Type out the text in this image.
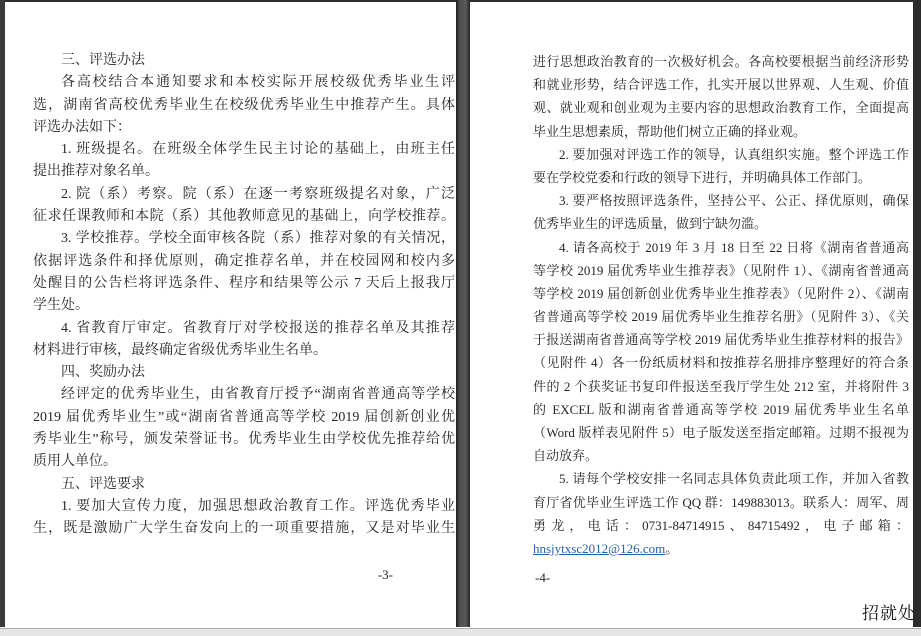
三、评选办法
各高校结合本通知要求和本校实际开展校级优秀毕业生评
选，湖南省高校优秀毕业生在校级优秀毕业生中推荐产生。具体
评选办法如下：
1. 班级提名。在班级全体学生民主讨论的基础上，由班主任
提出推荐对象名单。
2. 院（系）考察。院（系）在逐一考察班级提名对象，广泛
征求任课教师和本院（系）其他教师意见的基础上，向学校推荐。
3. 学校推荐。学校全面审核各院（系）推荐对象的有关情况，
依据评选条件和择优原则，确定推荐名单，并在校园网和校内多
处醒目的公告栏将评选条件、程序和结果等公示 7 天后上报我厅
学生处。
4. 省教育厅审定。省教育厅对学校报送的推荐名单及其推荐
材料进行审核，最终确定省级优秀毕业生名单。
四、奖励办法
经评定的优秀毕业生，由省教育厅授予“湖南省普通高等学校
2019 届优秀毕业生”或“湖南省普通高等学校 2019 届创新创业优
秀毕业生”称号，颁发荣誉证书。优秀毕业生由学校优先推荐给优
质用人单位。
五、评选要求
1. 要加大宣传力度，加强思想政治教育工作。评选优秀毕业
生，既是激励广大学生奋发向上的一项重要措施，又是对毕业生
-3-
进行思想政治教育的一次极好机会。各高校要根据当前经济形势
和就业形势，结合评选工作，扎实开展以世界观、人生观、价值
观、就业观和创业观为主要内容的思想政治教育工作，全面提高
毕业生思想素质，帮助他们树立正确的择业观。
2. 要加强对评选工作的领导，认真组织实施。整个评选工作
要在学校党委和行政的领导下进行，并明确具体工作部门。
3. 要严格按照评选条件，坚持公平、公正、择优原则，确保
优秀毕业生的评选质量，做到宁缺勿滥。
4. 请各高校于 2019 年 3 月 18 日至 22 日将《湖南省普通高
等学校 2019 届优秀毕业生推荐表》（见附件 1）、《湖南省普通高
等学校 2019 届创新创业优秀毕业生推荐表》（见附件 2）、《湖南
省普通高等学校 2019 届优秀毕业生推荐名册》（见附件 3）、《关
于报送湖南省普通高等学校 2019 届优秀毕业生推荐材料的报告》
（见附件 4）各一份纸质材料和按推荐名册排序整理好的符合条
件的 2 个获奖证书复印件报送至我厅学生处 212 室，并将附件 3
的 EXCEL 版和湖南省普通高等学校 2019 届优秀毕业生名单
（Word 版样表见附件 5）电子版发送至指定邮箱。过期不报视为
自动放弃。
5. 请每个学校安排一名同志具体负责此项工作，并加入省教
育厅省优毕业生评选工作 QQ 群：149883013。联系人：周军、周
勇龙，电话：0731-84714915、84715492，电子邮箱：
hnsjytxsc2012@126.com。
-4-
招就处
